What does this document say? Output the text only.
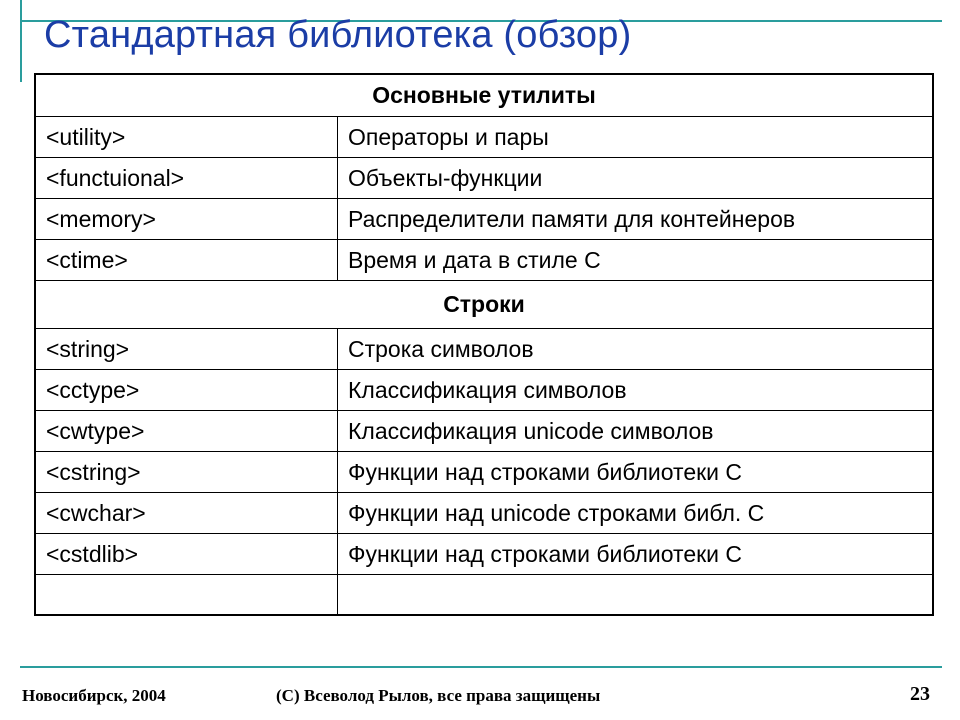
Стандартная библиотека (обзор)
Основные утилиты	
<utility>	Операторы и пары
<functuional>	Объекты-функции
<memory>	Распределители памяти для контейнеров
<ctime>	Время и дата в стиле С
Строки	
<string>	Строка символов
<cctype>	Классификация символов
<cwtype>	Классификация unicode символов
<cstring>	Функции над строками библиотеки С
<cwchar>	Функции над unicode строками библ. С
<cstdlib>	Функции над строками библиотеки С

Новосибирск, 2004	(С) Всеволод Рылов, все права защищены	23
